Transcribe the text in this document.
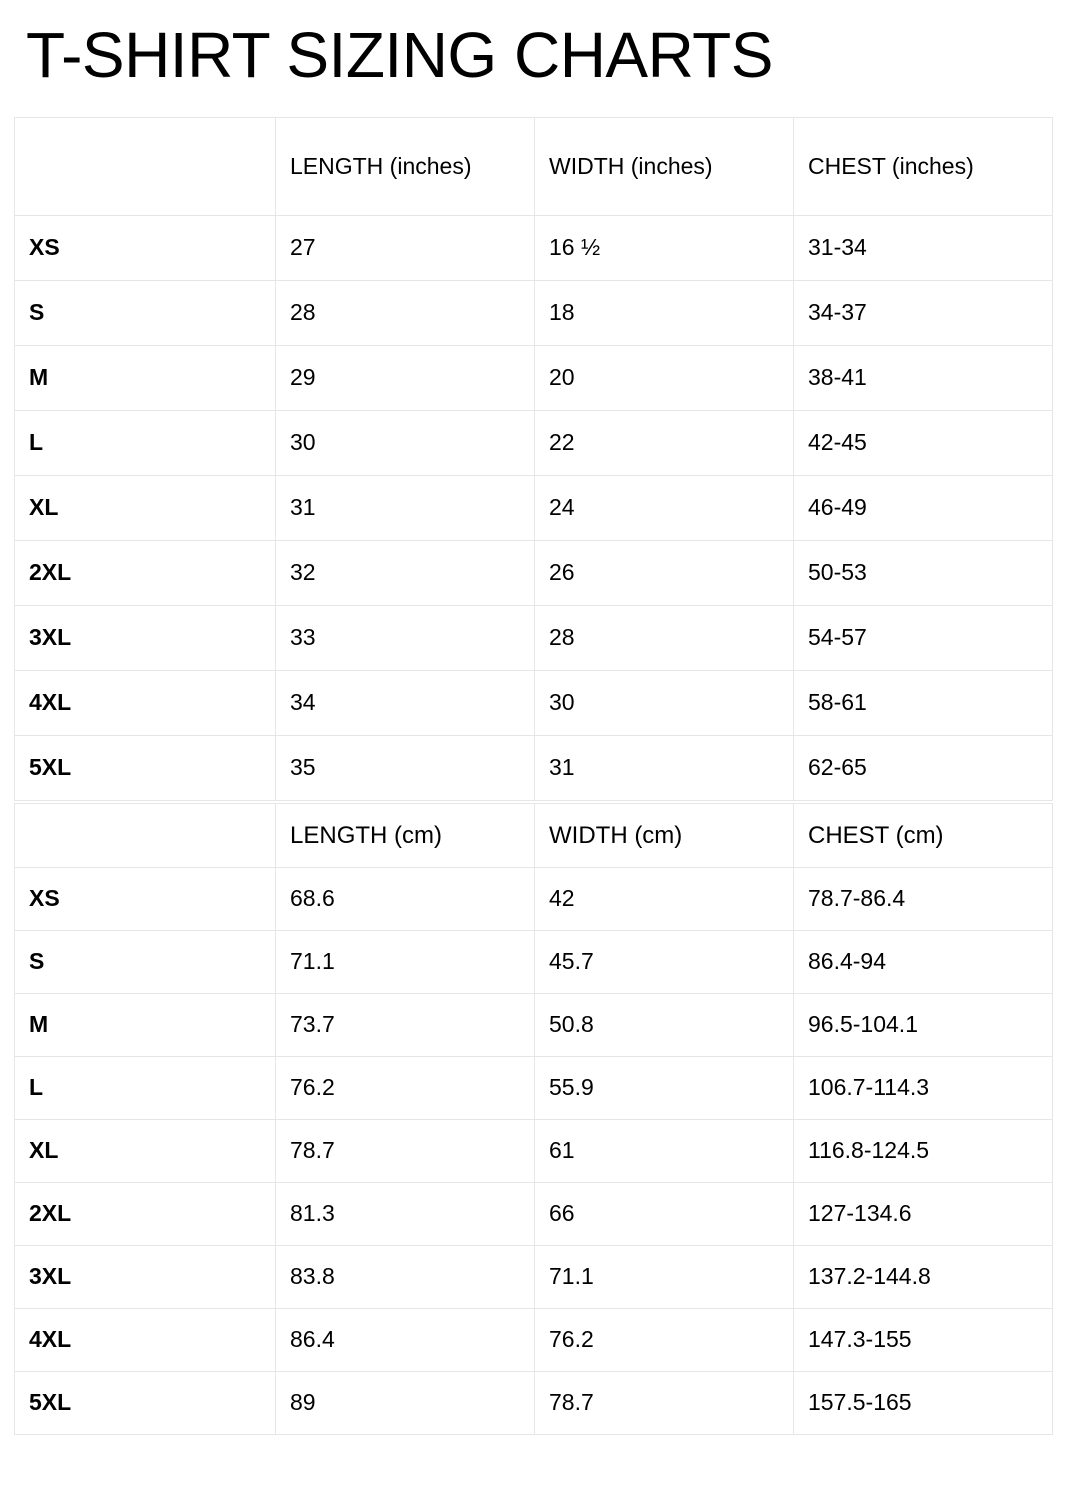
T-SHIRT SIZING CHARTS
	LENGTH (inches)	WIDTH (inches)	CHEST (inches)
XS	27	16 ½	31-34
S	28	18	34-37
M	29	20	38-41
L	30	22	42-45
XL	31	24	46-49
2XL	32	26	50-53
3XL	33	28	54-57
4XL	34	30	58-61
5XL	35	31	62-65
	LENGTH (cm)	WIDTH (cm)	CHEST (cm)
XS	68.6	42	78.7-86.4
S	71.1	45.7	86.4-94
M	73.7	50.8	96.5-104.1
L	76.2	55.9	106.7-114.3
XL	78.7	61	116.8-124.5
2XL	81.3	66	127-134.6
3XL	83.8	71.1	137.2-144.8
4XL	86.4	76.2	147.3-155
5XL	89	78.7	157.5-165
